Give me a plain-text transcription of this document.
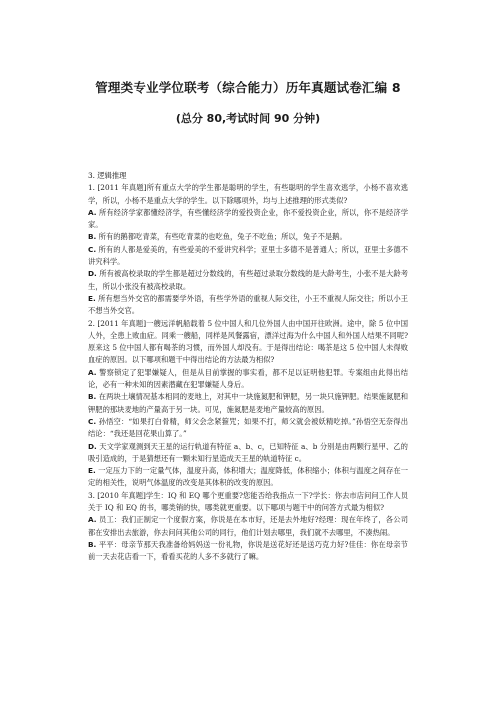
管理类专业学位联考（综合能力）历年真题试卷汇编 8
(总分 80,考试时间 90 分钟)

3. 逻辑推理

1. [2011 年真题]所有重点大学的学生都是聪明的学生，有些聪明的学生喜欢逃学，小杨不喜欢逃学，所以，小杨不是重点大学的学生。以下除哪项外，均与上述推理的形式类似?

A. 所有经济学家都懂经济学，有些懂经济学的爱投资企业，你不爱投资企业，所以，你不是经济学家。

B. 所有的鹅都吃青菜，有些吃青菜的也吃鱼，兔子不吃鱼；所以，兔子不是鹅。

C. 所有的人都是爱美的，有些爱美的不爱讲究科学；亚里士多德不是普通人；所以，亚里士多德不讲究科学。

D. 所有被高校录取的学生都是超过分数线的，有些超过录取分数线的是大龄考生，小张不是大龄考生，所以小张没有被高校录取。

E. 所有想当外交官的都需要学外语，有些学外语的重视人际交往，小王不重视人际交往；所以小王不想当外交官。

2. [2011 年真题]一艘远洋帆船载着 5 位中国人和几位外国人由中国开往欧洲。途中，除 5 位中国人外，全患上败血症。同乘一艘船，同样是风餐露宿，漂洋过海为什么中国人和外国人结果不同呢?原来这 5 位中国人都有喝茶的习惯，而外国人却没有。于是得出结论：喝茶是这 5 位中国人未得败血症的原因。以下哪项和题干中得出结论的方法最为相似?

A. 警察锁定了犯罪嫌疑人，但是从目前掌握的事实看，都不足以证明他犯罪。专案组由此得出结论，必有一种未知的因素潜藏在犯罪嫌疑人身后。

B. 在两块土壤情况基本相同的麦地上，对其中一块施氮肥和钾肥，另一块只施钾肥。结果施氮肥和钾肥的那块麦地的产量高于另一块。可见，施氮肥是麦地产量较高的原因。

C. 孙悟空：“如果打白骨精，师父会念紧箍咒；如果不打，师父就会被妖精吃掉。”孙悟空无奈得出结论：“我还是回花果山算了。”

D. 天文学家观测到天王星的运行轨道有特征 a、b、c，已知特征 a、b 分别是由两颗行星甲、乙的吸引造成的，于是猜想还有一颗未知行星造成天王星的轨道特征 c。

E. 一定压力下的一定量气体，温度升高，体积增大；温度降低，体积缩小；体积与温度之间存在一定的相关性，说明气体温度的改变是其体积的改变的原因。

3. [2010 年真题]学生：IQ 和 EQ 哪个更重要?您能否给我指点一下?学长：你去市店问问工作人员关于 IQ 和 EQ 的书，哪类销的快，哪类就更重要。以下哪项与题干中的问答方式最为相似?

A. 员工：我们正制定一个度假方案，你说是在本市好，还是去外地好?经理：现在年终了，各公司都在安排出去旅游，你去问问其他公司的同行，他们计划去哪里，我们就不去哪里，不凑热闹。

B. 平平：母亲节那天我准备给妈妈送一份礼物，你说是送花好还是送巧克力好?佳佳：你在母亲节前一天去花店看一下，看看买花的人多不多就行了嘛。
